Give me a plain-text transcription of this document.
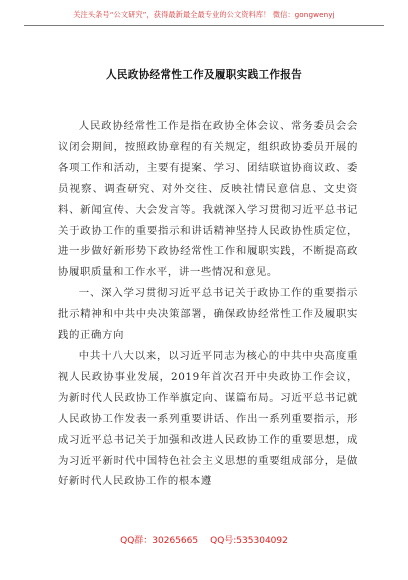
关注头条号“公文研究”，获得最新最全最专业的公文资料库！ 微信：gongwenyj
人民政协经常性工作及履职实践工作报告

人民政协经常性工作是指在政协全体会议、常务委员会会议闭会期间，按照政协章程的有关规定，组织政协委员开展的各项工作和活动，主要有提案、学习、团结联谊协商议政、委员视察、调查研究、对外交往、反映社情民意信息、文史资料、新闻宣传、大会发言等。我就深入学习贯彻习近平总书记关于政协工作的重要指示和讲话精神坚持人民政协性质定位，进一步做好新形势下政协经常性工作和履职实践，不断提高政协履职质量和工作水平，讲一些情况和意见。

一、深入学习贯彻习近平总书记关于政协工作的重要指示批示精神和中共中央决策部署，确保政协经常性工作及履职实践的正确方向

中共十八大以来，以习近平同志为核心的中共中央高度重视人民政协事业发展，2019年首次召开中央政协工作会议，为新时代人民政协工作举旗定向、谋篇布局。习近平总书记就人民政协工作发表一系列重要讲话、作出一系列重要指示，形成习近平总书记关于加强和改进人民政协工作的重要思想，成为习近平新时代中国特色社会主义思想的重要组成部分，是做好新时代人民政协工作的根本遵

QQ群：30265665 QQ号:535304092
